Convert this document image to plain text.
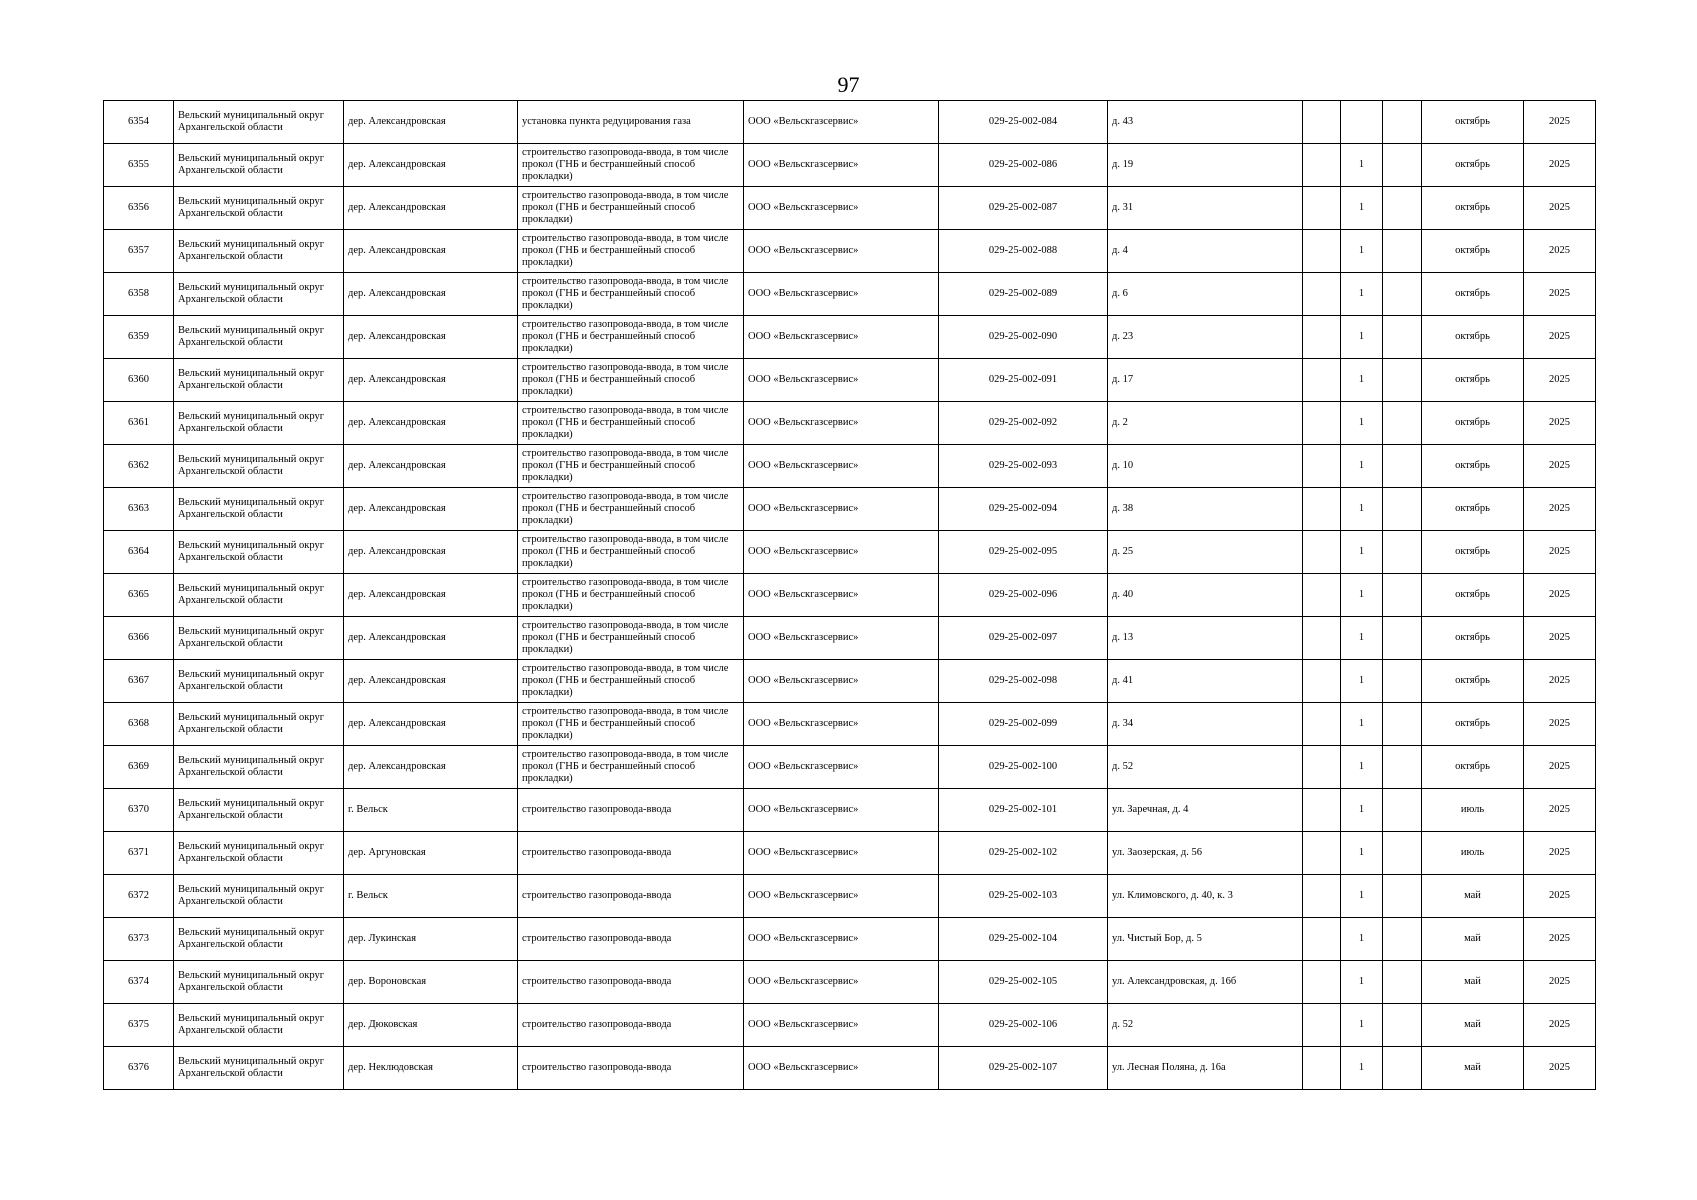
97
6354	Вельский муниципальный округ Архангельской области	дер. Александровская	установка пункта редуцирования газа	ООО «Вельскгазсервис»	029-25-002-084	д. 43				октябрь	2025
6355	Вельский муниципальный округ Архангельской области	дер. Александровская	строительство газопровода-ввода, в том числе прокол (ГНБ и бестраншейный способ прокладки)	ООО «Вельскгазсервис»	029-25-002-086	д. 19		1		октябрь	2025
6356	Вельский муниципальный округ Архангельской области	дер. Александровская	строительство газопровода-ввода, в том числе прокол (ГНБ и бестраншейный способ прокладки)	ООО «Вельскгазсервис»	029-25-002-087	д. 31		1		октябрь	2025
6357	Вельский муниципальный округ Архангельской области	дер. Александровская	строительство газопровода-ввода, в том числе прокол (ГНБ и бестраншейный способ прокладки)	ООО «Вельскгазсервис»	029-25-002-088	д. 4		1		октябрь	2025
6358	Вельский муниципальный округ Архангельской области	дер. Александровская	строительство газопровода-ввода, в том числе прокол (ГНБ и бестраншейный способ прокладки)	ООО «Вельскгазсервис»	029-25-002-089	д. 6		1		октябрь	2025
6359	Вельский муниципальный округ Архангельской области	дер. Александровская	строительство газопровода-ввода, в том числе прокол (ГНБ и бестраншейный способ прокладки)	ООО «Вельскгазсервис»	029-25-002-090	д. 23		1		октябрь	2025
6360	Вельский муниципальный округ Архангельской области	дер. Александровская	строительство газопровода-ввода, в том числе прокол (ГНБ и бестраншейный способ прокладки)	ООО «Вельскгазсервис»	029-25-002-091	д. 17		1		октябрь	2025
6361	Вельский муниципальный округ Архангельской области	дер. Александровская	строительство газопровода-ввода, в том числе прокол (ГНБ и бестраншейный способ прокладки)	ООО «Вельскгазсервис»	029-25-002-092	д. 2		1		октябрь	2025
6362	Вельский муниципальный округ Архангельской области	дер. Александровская	строительство газопровода-ввода, в том числе прокол (ГНБ и бестраншейный способ прокладки)	ООО «Вельскгазсервис»	029-25-002-093	д. 10		1		октябрь	2025
6363	Вельский муниципальный округ Архангельской области	дер. Александровская	строительство газопровода-ввода, в том числе прокол (ГНБ и бестраншейный способ прокладки)	ООО «Вельскгазсервис»	029-25-002-094	д. 38		1		октябрь	2025
6364	Вельский муниципальный округ Архангельской области	дер. Александровская	строительство газопровода-ввода, в том числе прокол (ГНБ и бестраншейный способ прокладки)	ООО «Вельскгазсервис»	029-25-002-095	д. 25		1		октябрь	2025
6365	Вельский муниципальный округ Архангельской области	дер. Александровская	строительство газопровода-ввода, в том числе прокол (ГНБ и бестраншейный способ прокладки)	ООО «Вельскгазсервис»	029-25-002-096	д. 40		1		октябрь	2025
6366	Вельский муниципальный округ Архангельской области	дер. Александровская	строительство газопровода-ввода, в том числе прокол (ГНБ и бестраншейный способ прокладки)	ООО «Вельскгазсервис»	029-25-002-097	д. 13		1		октябрь	2025
6367	Вельский муниципальный округ Архангельской области	дер. Александровская	строительство газопровода-ввода, в том числе прокол (ГНБ и бестраншейный способ прокладки)	ООО «Вельскгазсервис»	029-25-002-098	д. 41		1		октябрь	2025
6368	Вельский муниципальный округ Архангельской области	дер. Александровская	строительство газопровода-ввода, в том числе прокол (ГНБ и бестраншейный способ прокладки)	ООО «Вельскгазсервис»	029-25-002-099	д. 34		1		октябрь	2025
6369	Вельский муниципальный округ Архангельской области	дер. Александровская	строительство газопровода-ввода, в том числе прокол (ГНБ и бестраншейный способ прокладки)	ООО «Вельскгазсервис»	029-25-002-100	д. 52		1		октябрь	2025
6370	Вельский муниципальный округ Архангельской области	г. Вельск	строительство газопровода-ввода	ООО «Вельскгазсервис»	029-25-002-101	ул. Заречная, д. 4		1		июль	2025
6371	Вельский муниципальный округ Архангельской области	дер. Аргуновская	строительство газопровода-ввода	ООО «Вельскгазсервис»	029-25-002-102	ул. Заозерская, д. 56		1		июль	2025
6372	Вельский муниципальный округ Архангельской области	г. Вельск	строительство газопровода-ввода	ООО «Вельскгазсервис»	029-25-002-103	ул. Климовского, д. 40, к. 3		1		май	2025
6373	Вельский муниципальный округ Архангельской области	дер. Лукинская	строительство газопровода-ввода	ООО «Вельскгазсервис»	029-25-002-104	ул. Чистый Бор, д. 5		1		май	2025
6374	Вельский муниципальный округ Архангельской области	дер. Вороновская	строительство газопровода-ввода	ООО «Вельскгазсервис»	029-25-002-105	ул. Александровская, д. 16б		1		май	2025
6375	Вельский муниципальный округ Архангельской области	дер. Дюковская	строительство газопровода-ввода	ООО «Вельскгазсервис»	029-25-002-106	д. 52		1		май	2025
6376	Вельский муниципальный округ Архангельской области	дер. Неклюдовская	строительство газопровода-ввода	ООО «Вельскгазсервис»	029-25-002-107	ул. Лесная Поляна, д. 16а		1		май	2025
